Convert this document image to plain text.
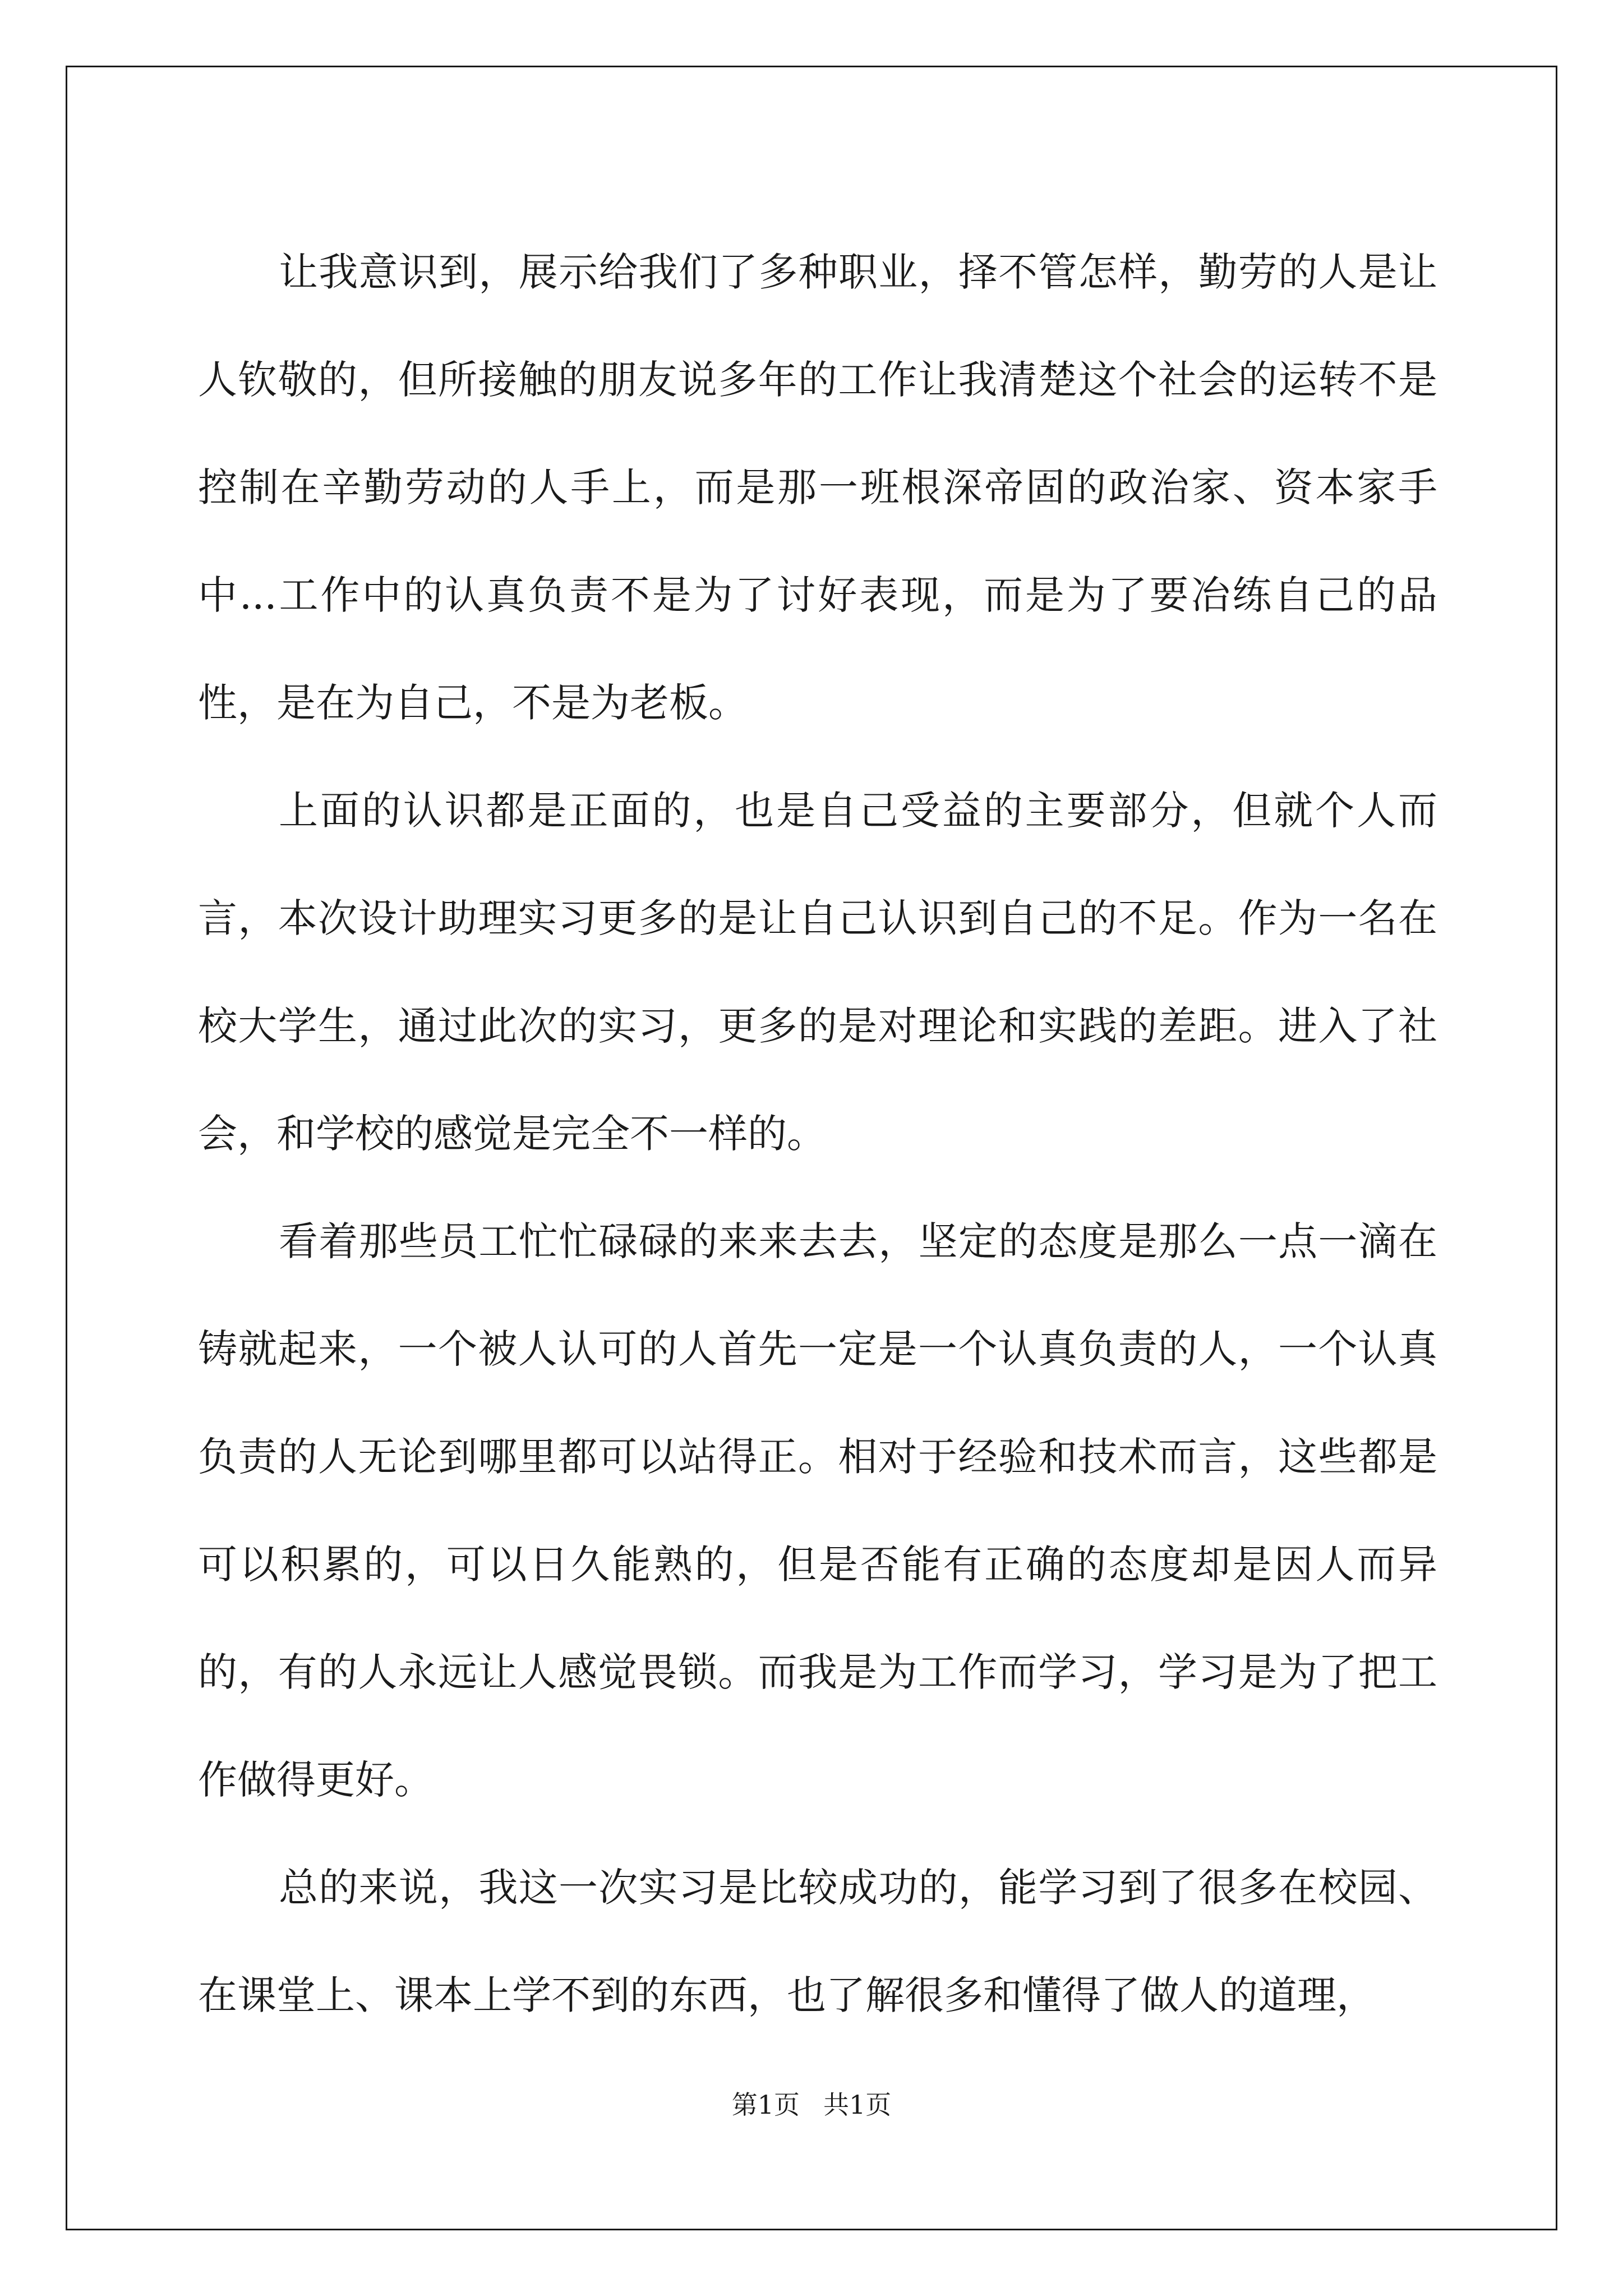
让我意识到，展示给我们了多种职业，择不管怎样，勤劳的人是让人钦敬的，但所接触的朋友说多年的工作让我清楚这个社会的运转不是控制在辛勤劳动的人手上，而是那一班根深帝固的政治家、资本家手中...工作中的认真负责不是为了讨好表现，而是为了要冶练自己的品性，是在为自己，不是为老板。

上面的认识都是正面的，也是自己受益的主要部分，但就个人而言，本次设计助理实习更多的是让自己认识到自己的不足。作为一名在校大学生，通过此次的实习，更多的是对理论和实践的差距。进入了社会，和学校的感觉是完全不一样的。

看着那些员工忙忙碌碌的来来去去，坚定的态度是那么一点一滴在铸就起来，一个被人认可的人首先一定是一个认真负责的人，一个认真负责的人无论到哪里都可以站得正。相对于经验和技术而言，这些都是可以积累的，可以日久能熟的，但是否能有正确的态度却是因人而异的，有的人永远让人感觉畏锁。而我是为工作而学习，学习是为了把工作做得更好。

总的来说，我这一次实习是比较成功的，能学习到了很多在校园、在课堂上、课本上学不到的东西，也了解很多和懂得了做人的道理，

第1页 共1页
